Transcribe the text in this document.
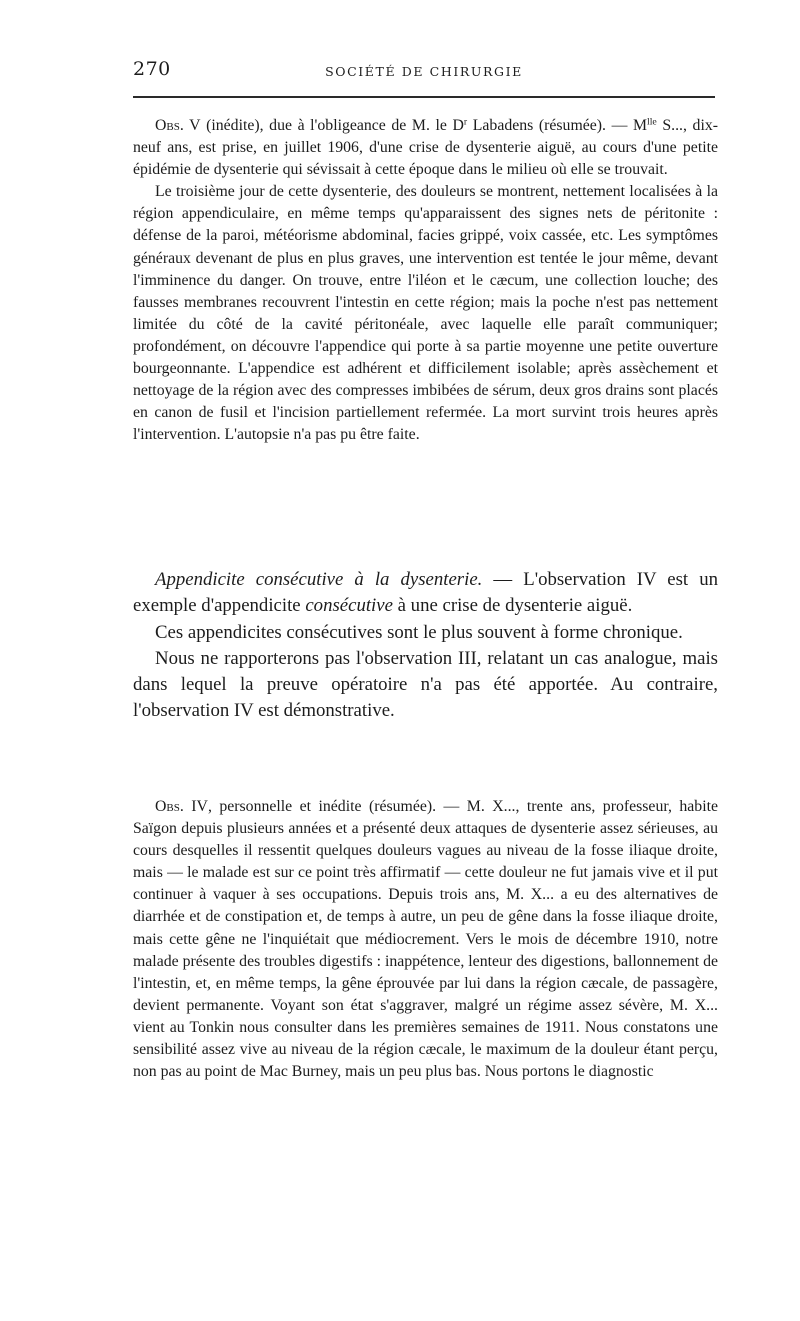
270	SOCIÉTÉ DE CHIRURGIE

Obs. V (inédite), due à l'obligeance de M. le $D^r$ Labadens (résumée). — $M^{lle}$ S..., dix-neuf ans, est prise, en juillet 1906, d'une crise de dysenterie aiguë, au cours d'une petite épidémie de dysenterie qui sévissait à cette époque dans le milieu où elle se trouvait.

Le troisième jour de cette dysenterie, des douleurs se montrent, nettement localisées à la région appendiculaire, en même temps qu'apparaissent des signes nets de péritonite : défense de la paroi, météorisme abdominal, facies grippé, voix cassée, etc. Les symptômes généraux devenant de plus en plus graves, une intervention est tentée le jour même, devant l'imminence du danger. On trouve, entre l'iléon et le cæcum, une collection louche; des fausses membranes recouvrent l'intestin en cette région; mais la poche n'est pas nettement limitée du côté de la cavité péritonéale, avec laquelle elle paraît communiquer; profondément, on découvre l'appendice qui porte à sa partie moyenne une petite ouverture bourgeonnante. L'appendice est adhérent et difficilement isolable; après assèchement et nettoyage de la région avec des compresses imbibées de sérum, deux gros drains sont placés en canon de fusil et l'incision partiellement refermée. La mort survint trois heures après l'intervention. L'autopsie n'a pas pu être faite.

Appendicite consécutive à la dysenterie. — L'observation IV est un exemple d'appendicite consécutive à une crise de dysenterie aiguë.

Ces appendicites consécutives sont le plus souvent à forme chronique.

Nous ne rapporterons pas l'observation III, relatant un cas analogue, mais dans lequel la preuve opératoire n'a pas été apportée. Au contraire, l'observation IV est démonstrative.

Obs. IV, personnelle et inédite (résumée). — M. X..., trente ans, professeur, habite Saïgon depuis plusieurs années et a présenté deux attaques de dysenterie assez sérieuses, au cours desquelles il ressentit quelques douleurs vagues au niveau de la fosse iliaque droite, mais — le malade est sur ce point très affirmatif — cette douleur ne fut jamais vive et il put continuer à vaquer à ses occupations. Depuis trois ans, M. X... a eu des alternatives de diarrhée et de constipation et, de temps à autre, un peu de gêne dans la fosse iliaque droite, mais cette gêne ne l'inquiétait que médiocrement. Vers le mois de décembre 1910, notre malade présente des troubles digestifs : inappétence, lenteur des digestions, ballonnement de l'intestin, et, en même temps, la gêne éprouvée par lui dans la région cæcale, de passagère, devient permanente. Voyant son état s'aggraver, malgré un régime assez sévère, M. X... vient au Tonkin nous consulter dans les premières semaines de 1911. Nous constatons une sensibilité assez vive au niveau de la région cæcale, le maximum de la douleur étant perçu, non pas au point de Mac Burney, mais un peu plus bas. Nous portons le diagnostic
